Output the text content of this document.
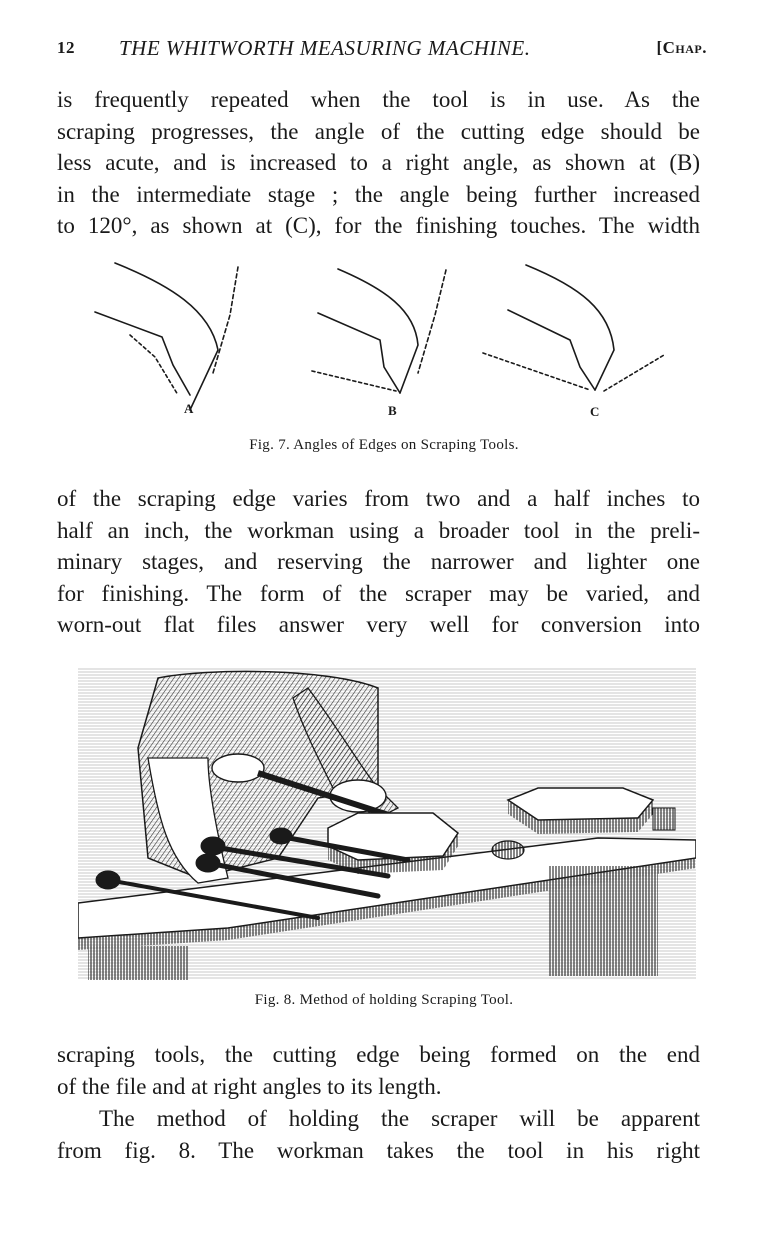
12 THE WHITWORTH MEASURING MACHINE.	[Chap.
is frequently repeated when the tool is in use. As the
scraping progresses, the angle of the cutting edge should be
less acute, and is increased to a right angle, as shown at (B)
in the intermediate stage ; the angle being further increased
to 120°, as shown at (C), for the finishing touches. The width
A	B	C
Fig. 7. Angles of Edges on Scraping Tools.
of the scraping edge varies from two and a half inches to
half an inch, the workman using a broader tool in the preli-
minary stages, and reserving the narrower and lighter one
for finishing. The form of the scraper may be varied, and
worn-out flat files answer very well for conversion into
Fig. 8. Method of holding Scraping Tool.
scraping tools, the cutting edge being formed on the end
of the file and at right angles to its length.
The method of holding the scraper will be apparent
from fig. 8. The workman takes the tool in his right
